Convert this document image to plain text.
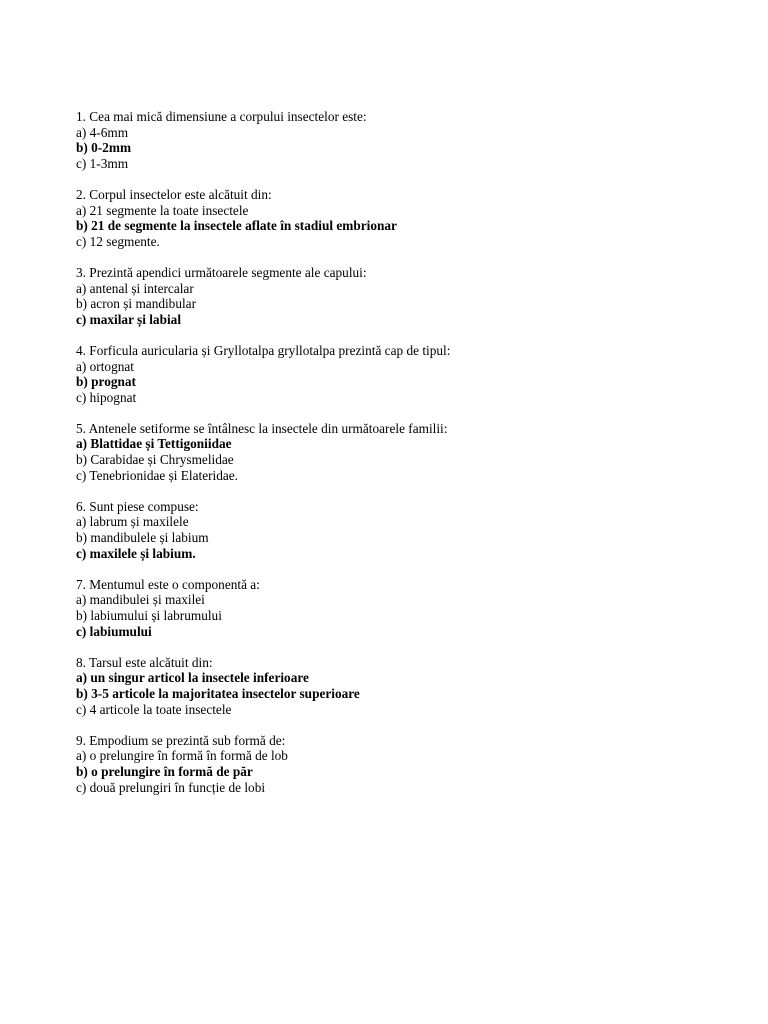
1. Cea mai mică dimensiune a corpului insectelor este:
a) 4-6mm
b) 0-2mm
c) 1-3mm
2. Corpul insectelor este alcătuit din:
a) 21 segmente la toate insectele
b) 21 de segmente la insectele aflate în stadiul embrionar
c) 12 segmente.
3. Prezintă apendici următoarele segmente ale capului:
a) antenal și intercalar
b) acron și mandibular
c) maxilar și labial
4. Forficula auricularia și Gryllotalpa gryllotalpa prezintă cap de tipul:
a) ortognat
b) prognat
c) hipognat
5. Antenele setiforme se întâlnesc la insectele din următoarele familii:
a) Blattidae și Tettigoniidae
b) Carabidae și Chrysmelidae
c) Tenebrionidae și Elateridae.
6. Sunt piese compuse:
a) labrum și maxilele
b) mandibulele și labium
c) maxilele și labium.
7. Mentumul este o componentă a:
a) mandibulei și maxilei
b) labiumului și labrumului
c) labiumului
8. Tarsul este alcătuit din:
a) un singur articol la insectele inferioare
b) 3-5 articole la majoritatea insectelor superioare
c) 4 articole la toate insectele
9. Empodium se prezintă sub formă de:
a) o prelungire în formă în formă de lob
b) o prelungire în formă de păr
c) două prelungiri în funcție de lobi
